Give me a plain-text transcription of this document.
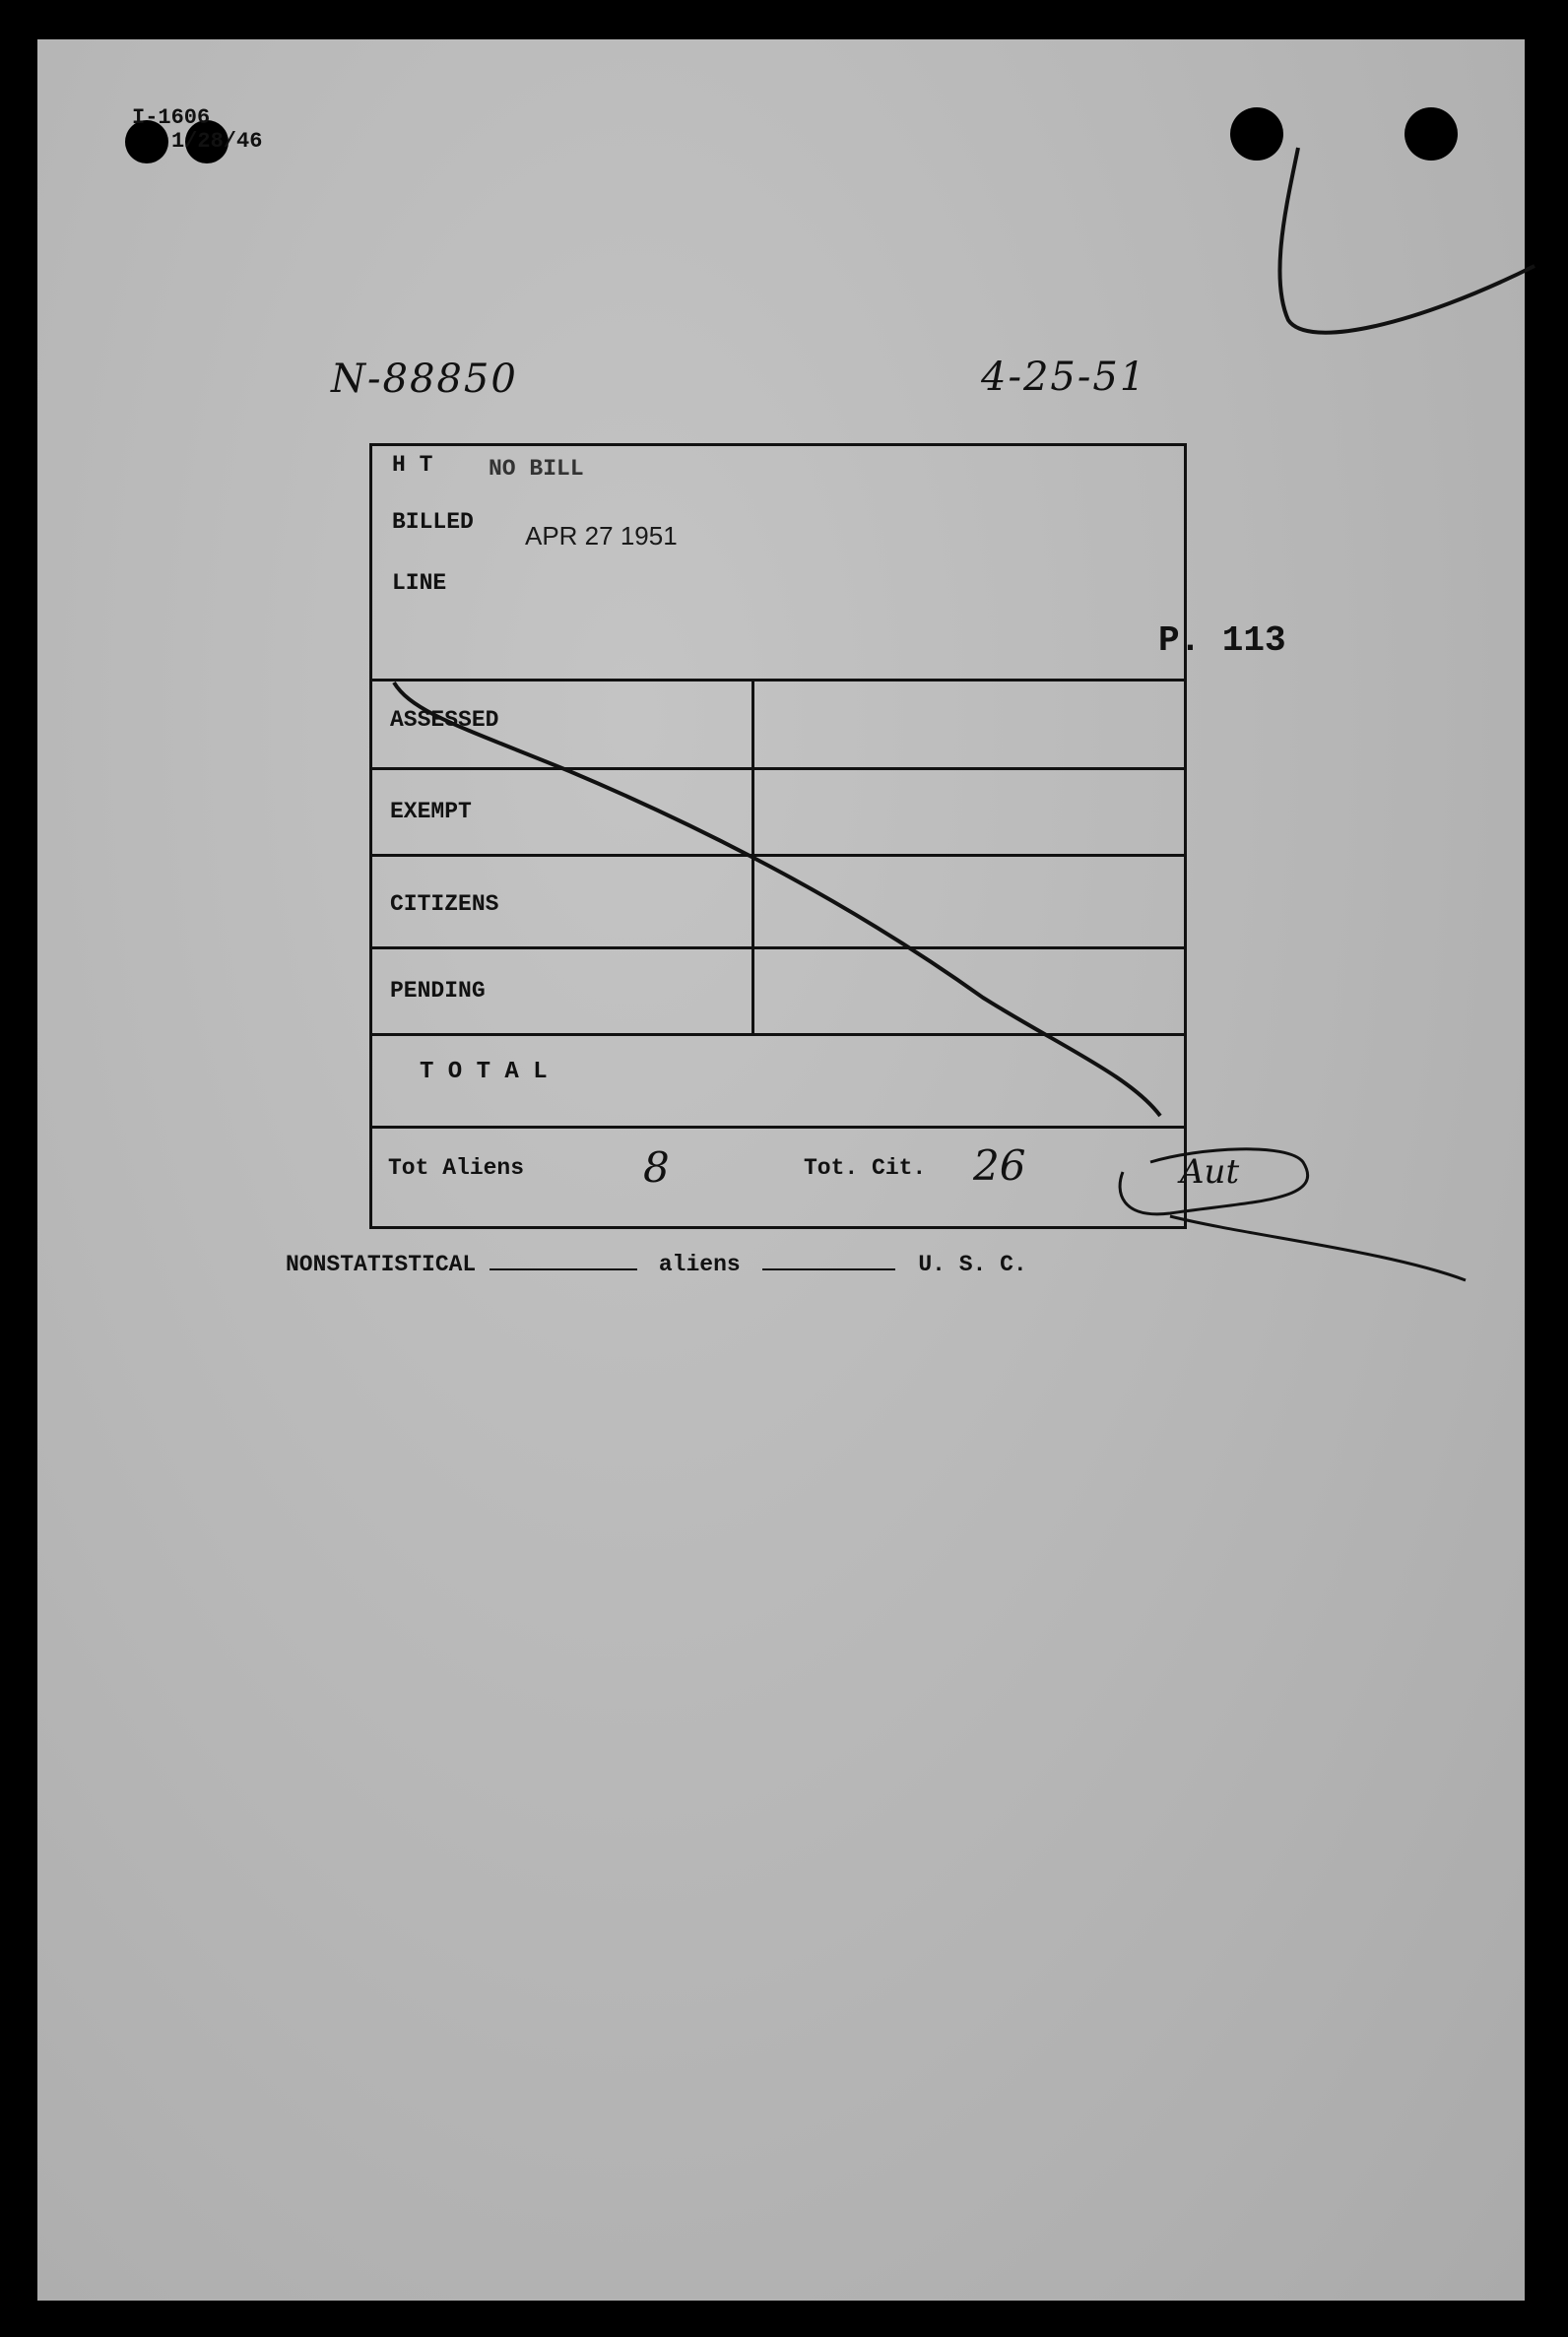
I-1606
1/28/46
N-88850	4-25-51
P. 113
H T NO BILL
BILLED APR 27 1951
LINE
ASSESSED
EXEMPT
CITIZENS
PENDING
T O T A L
Tot Aliens	8	Tot. Cit. 26	Aut
NONSTATISTICAL	aliens	U. S. C.
